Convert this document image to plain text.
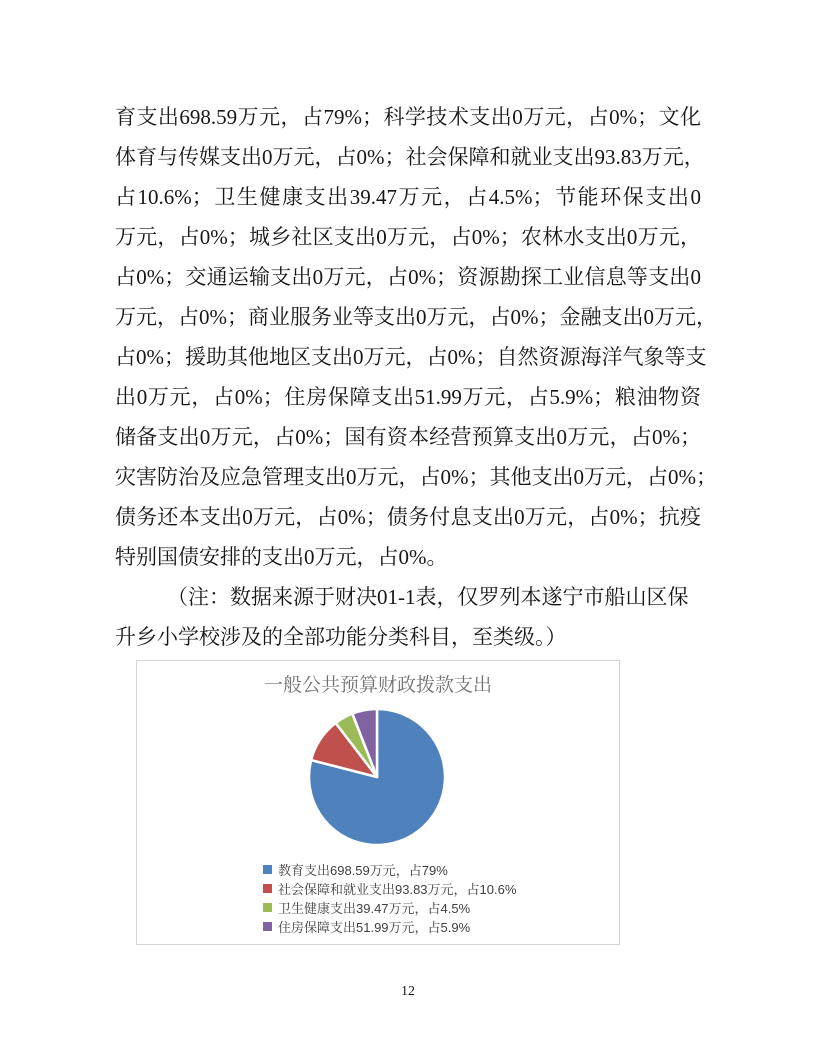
育支出698.59万元，占79%；科学技术支出0万元，占0%；文化
体育与传媒支出0万元，占0%；社会保障和就业支出93.83万元，
占10.6%；卫生健康支出39.47万元，占4.5%；节能环保支出0
万元，占0%；城乡社区支出0万元，占0%；农林水支出0万元，
占0%；交通运输支出0万元，占0%；资源勘探工业信息等支出0
万元，占0%；商业服务业等支出0万元，占0%；金融支出0万元，
占0%；援助其他地区支出0万元，占0%；自然资源海洋气象等支
出0万元，占0%；住房保障支出51.99万元，占5.9%；粮油物资
储备支出0万元，占0%；国有资本经营预算支出0万元，占0%；
灾害防治及应急管理支出0万元，占0%；其他支出0万元，占0%；
债务还本支出0万元，占0%；债务付息支出0万元，占0%；抗疫
特别国债安排的支出0万元，占0%。
（注：数据来源于财决01-1表，仅罗列本遂宁市船山区保
升乡小学校涉及的全部功能分类科目，至类级。）
一般公共预算财政拨款支出
教育支出698.59万元，占79%
社会保障和就业支出93.83万元，占10.6%
卫生健康支出39.47万元，占4.5%
住房保障支出51.99万元，占5.9%
12
